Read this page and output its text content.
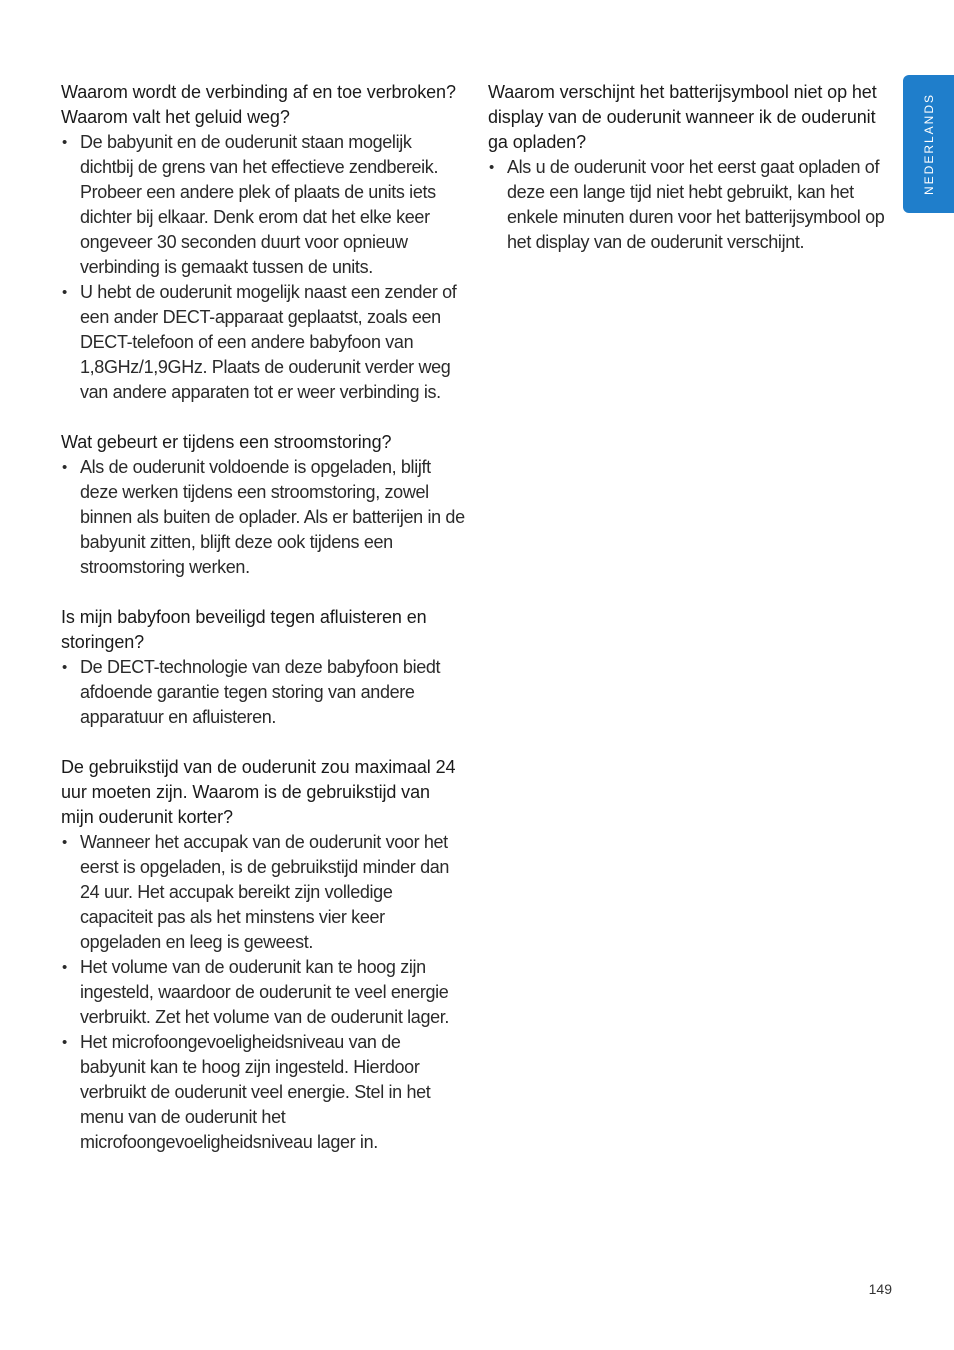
Waarom wordt de verbinding af en toe verbroken? Waarom valt het geluid weg?
• De babyunit en de ouderunit staan mogelijk dichtbij de grens van het effectieve zendbereik. Probeer een andere plek of plaats de units iets dichter bij elkaar. Denk erom dat het elke keer ongeveer 30 seconden duurt voor opnieuw verbinding is gemaakt tussen de units.
• U hebt de ouderunit mogelijk naast een zender of een ander DECT-apparaat geplaatst, zoals een DECT-telefoon of een andere babyfoon van 1,8GHz/1,9GHz. Plaats de ouderunit verder weg van andere apparaten tot er weer verbinding is.
Wat gebeurt er tijdens een stroomstoring?
• Als de ouderunit voldoende is opgeladen, blijft deze werken tijdens een stroomstoring, zowel binnen als buiten de oplader. Als er batterijen in de babyunit zitten, blijft deze ook tijdens een stroomstoring werken.
Is mijn babyfoon beveiligd tegen afluisteren en storingen?
• De DECT-technologie van deze babyfoon biedt afdoende garantie tegen storing van andere apparatuur en afluisteren.
De gebruikstijd van de ouderunit zou maximaal 24 uur moeten zijn. Waarom is de gebruikstijd van mijn ouderunit korter?
• Wanneer het accupak van de ouderunit voor het eerst is opgeladen, is de gebruikstijd minder dan 24 uur. Het accupak bereikt zijn volledige capaciteit pas als het minstens vier keer opgeladen en leeg is geweest.
• Het volume van de ouderunit kan te hoog zijn ingesteld, waardoor de ouderunit te veel energie verbruikt. Zet het volume van de ouderunit lager.
• Het microfoongevoeligheidsniveau van de babyunit kan te hoog zijn ingesteld. Hierdoor verbruikt de ouderunit veel energie. Stel in het menu van de ouderunit het microfoongevoeligheidsniveau lager in.
Waarom verschijnt het batterijsymbool niet op het display van de ouderunit wanneer ik de ouderunit ga opladen?
• Als u de ouderunit voor het eerst gaat opladen of deze een lange tijd niet hebt gebruikt, kan het enkele minuten duren voor het batterijsymbool op het display van de ouderunit verschijnt.
NEDERLANDS
149
